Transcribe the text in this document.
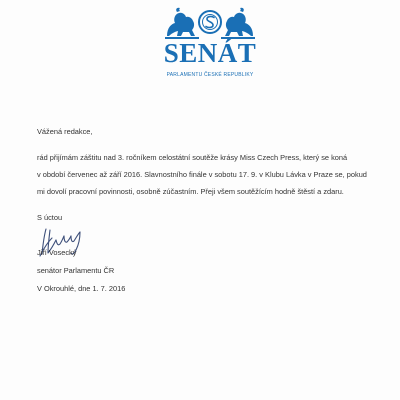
SENÁT
PARLAMENTU ČESKÉ REPUBLIKY
Vážená redakce,
rád přijímám záštitu nad 3. ročníkem celostátní soutěže krásy Miss Czech Press, který se koná
v období červenec až září 2016. Slavnostního finále v sobotu 17. 9. v Klubu Lávka v Praze se, pokud
mi dovolí pracovní povinnosti, osobně zúčastním. Přeji všem soutěžícím hodně štěstí a zdaru.
S úctou
Jiří Vosecký
senátor Parlamentu ČR
V Okrouhlé, dne 1. 7. 2016
